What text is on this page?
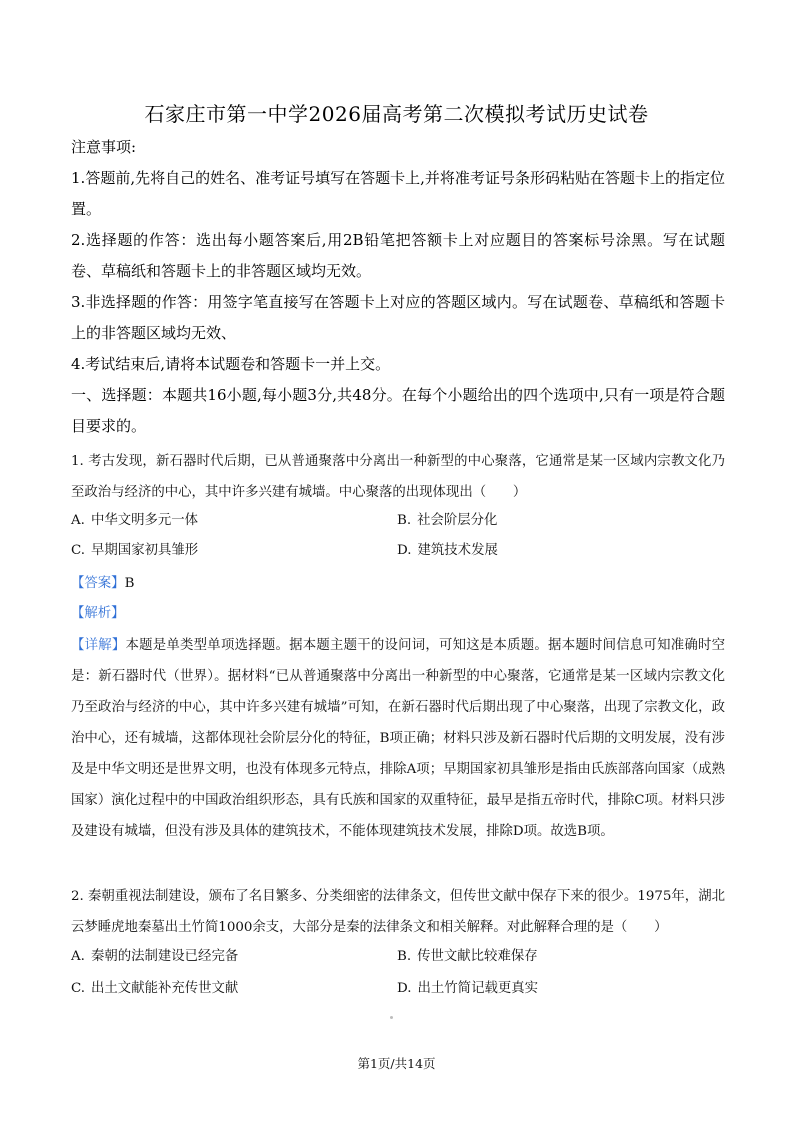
石家庄市第一中学2026届高考第二次模拟考试历史试卷
注意事项:
1.答题前,先将自己的姓名、准考证号填写在答题卡上,并将准考证号条形码粘贴在答题卡上的指定位置。
2.选择题的作答：选出每小题答案后,用2B铅笔把答额卡上对应题目的答案标号涂黑。写在试题卷、草稿纸和答题卡上的非答题区域均无效。
3.非选择题的作答：用签字笔直接写在答题卡上对应的答题区域内。写在试题卷、草稿纸和答题卡上的非答题区域均无效、
4.考试结束后,请将本试题卷和答题卡一并上交。
一、选择题：本题共16小题,每小题3分,共48分。在每个小题给出的四个选项中,只有一项是符合题目要求的。
1. 考古发现，新石器时代后期，已从普通聚落中分离出一种新型的中心聚落，它通常是某一区域内宗教文化乃至政治与经济的中心，其中许多兴建有城墙。中心聚落的出现体现出（　　）
A. 中华文明多元一体	B. 社会阶层分化
C. 早期国家初具雏形	D. 建筑技术发展
【答案】B
【解析】
【详解】本题是单类型单项选择题。据本题主题干的设问词，可知这是本质题。据本题时间信息可知准确时空是：新石器时代（世界）。据材料“已从普通聚落中分离出一种新型的中心聚落，它通常是某一区域内宗教文化乃至政治与经济的中心，其中许多兴建有城墙”可知，在新石器时代后期出现了中心聚落，出现了宗教文化，政治中心，还有城墙，这都体现社会阶层分化的特征，B项正确；材料只涉及新石器时代后期的文明发展，没有涉及是中华文明还是世界文明，也没有体现多元特点，排除A项；早期国家初具雏形是指由氏族部落向国家（成熟国家）演化过程中的中国政治组织形态，具有氏族和国家的双重特征，最早是指五帝时代，排除C项。材料只涉及建设有城墙，但没有涉及具体的建筑技术，不能体现建筑技术发展，排除D项。故选B项。
2. 秦朝重视法制建设，颁布了名目繁多、分类细密的法律条文，但传世文献中保存下来的很少。1975年，湖北云梦睡虎地秦墓出土竹简1000余支，大部分是秦的法律条文和相关解释。对此解释合理的是（　　）
A. 秦朝的法制建设已经完备	B. 传世文献比较难保存
C. 出土文献能补充传世文献	D. 出土竹简记载更真实
第1页/共14页
